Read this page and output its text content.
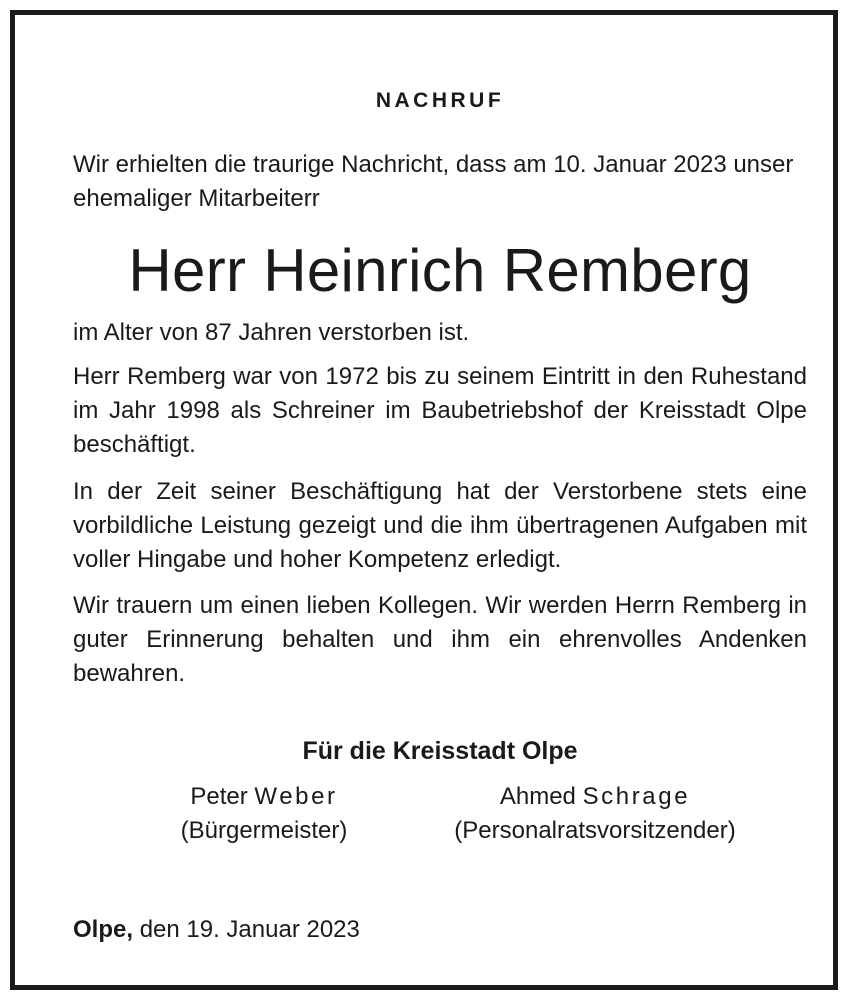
NACHRUF

Wir erhielten die traurige Nachricht, dass am 10. Januar 2023 unser ehemaliger Mitarbeiterr

Herr Heinrich Remberg

im Alter von 87 Jahren verstorben ist.

Herr Remberg war von 1972 bis zu seinem Eintritt in den Ruhestand im Jahr 1998 als Schreiner im Baubetriebshof der Kreisstadt Olpe beschäftigt.

In der Zeit seiner Beschäftigung hat der Verstorbene stets eine vorbildliche Leistung gezeigt und die ihm übertragenen Aufgaben mit voller Hingabe und hoher Kompetenz erledigt.

Wir trauern um einen lieben Kollegen. Wir werden Herrn Remberg in guter Erinnerung behalten und ihm ein ehrenvolles Andenken bewahren.

Für die Kreisstadt Olpe
Peter Weber
(Bürgermeister)
Ahmed Schrage
(Personalratsvorsitzender)
Olpe, den 19. Januar 2023
